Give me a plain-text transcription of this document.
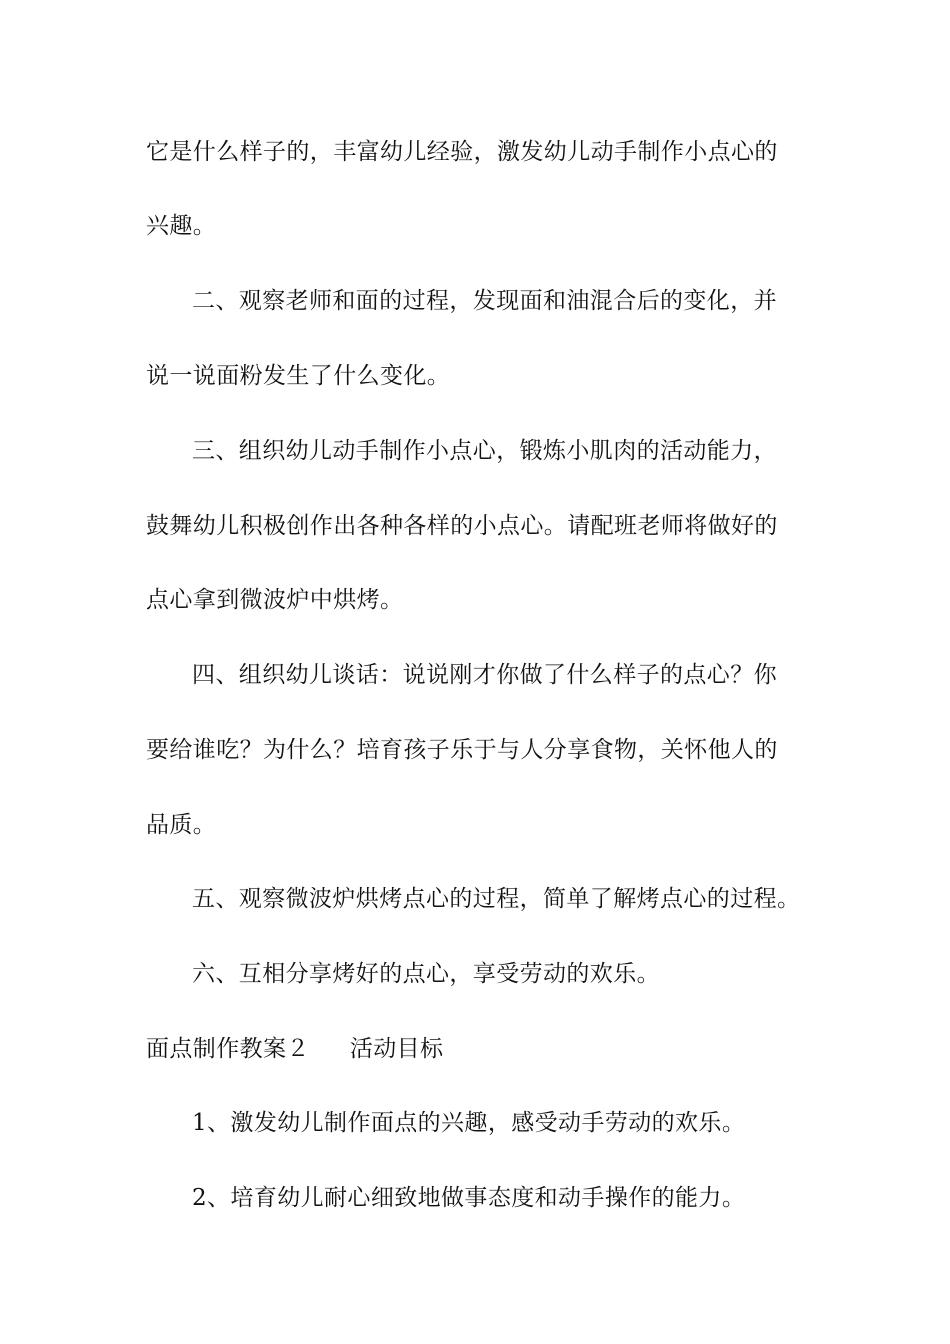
它是什么样子的，丰富幼儿经验，激发幼儿动手制作小点心的
兴趣。
二、观察老师和面的过程，发现面和油混合后的变化，并
说一说面粉发生了什么变化。
三、组织幼儿动手制作小点心，锻炼小肌肉的活动能力，
鼓舞幼儿积极创作出各种各样的小点心。请配班老师将做好的
点心拿到微波炉中烘烤。
四、组织幼儿谈话：说说刚才你做了什么样子的点心？你
要给谁吃？为什么？培育孩子乐于与人分享食物，关怀他人的
品质。
五、观察微波炉烘烤点心的过程，简单了解烤点心的过程。
六、互相分享烤好的点心，享受劳动的欢乐。
面点制作教案２ 活动目标
1、激发幼儿制作面点的兴趣，感受动手劳动的欢乐。
2、培育幼儿耐心细致地做事态度和动手操作的能力。
